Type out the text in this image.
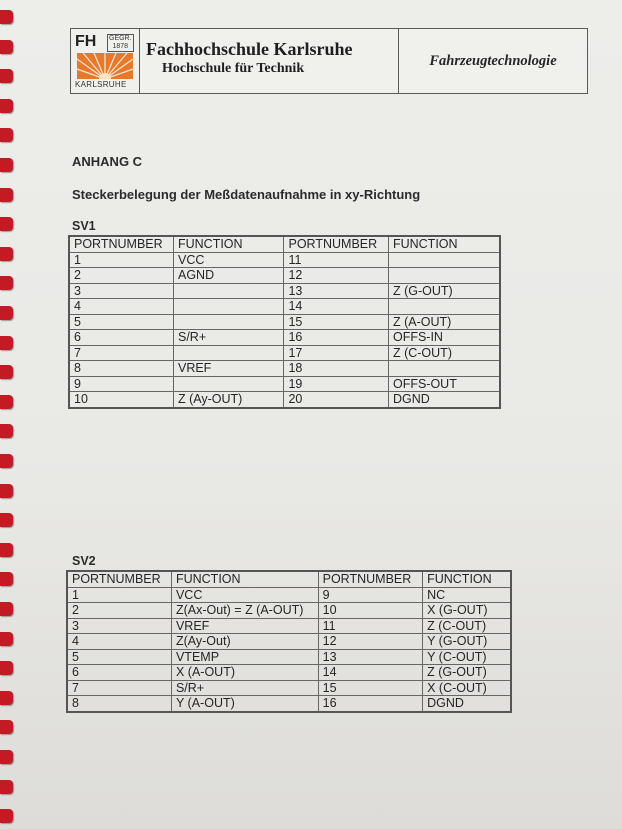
FH GEGR.
1878
KARLSRUHE
Fachhochschule Karlsruhe
Hochschule für Technik	Fahrzeugtechnologie
ANHANG C
Steckerbelegung der Meßdatenaufnahme in xy-Richtung
SV1
PORTNUMBER	FUNCTION	PORTNUMBER	FUNCTION
1	VCC	11	
2	AGND	12	
3		13	Z (G-OUT)
4		14	
5		15	Z (A-OUT)
6	S/R+	16	OFFS-IN
7		17	Z (C-OUT)
8	VREF	18	
9		19	OFFS-OUT
10	Z (Ay-OUT)	20	DGND
SV2
PORTNUMBER	FUNCTION	PORTNUMBER	FUNCTION
1	VCC	9	NC
2	Z(Ax-Out) = Z (A-OUT)	10	X (G-OUT)
3	VREF	11	Z (C-OUT)
4	Z(Ay-Out)	12	Y (G-OUT)
5	VTEMP	13	Y (C-OUT)
6	X (A-OUT)	14	Z (G-OUT)
7	S/R+	15	X (C-OUT)
8	Y (A-OUT)	16	DGND
